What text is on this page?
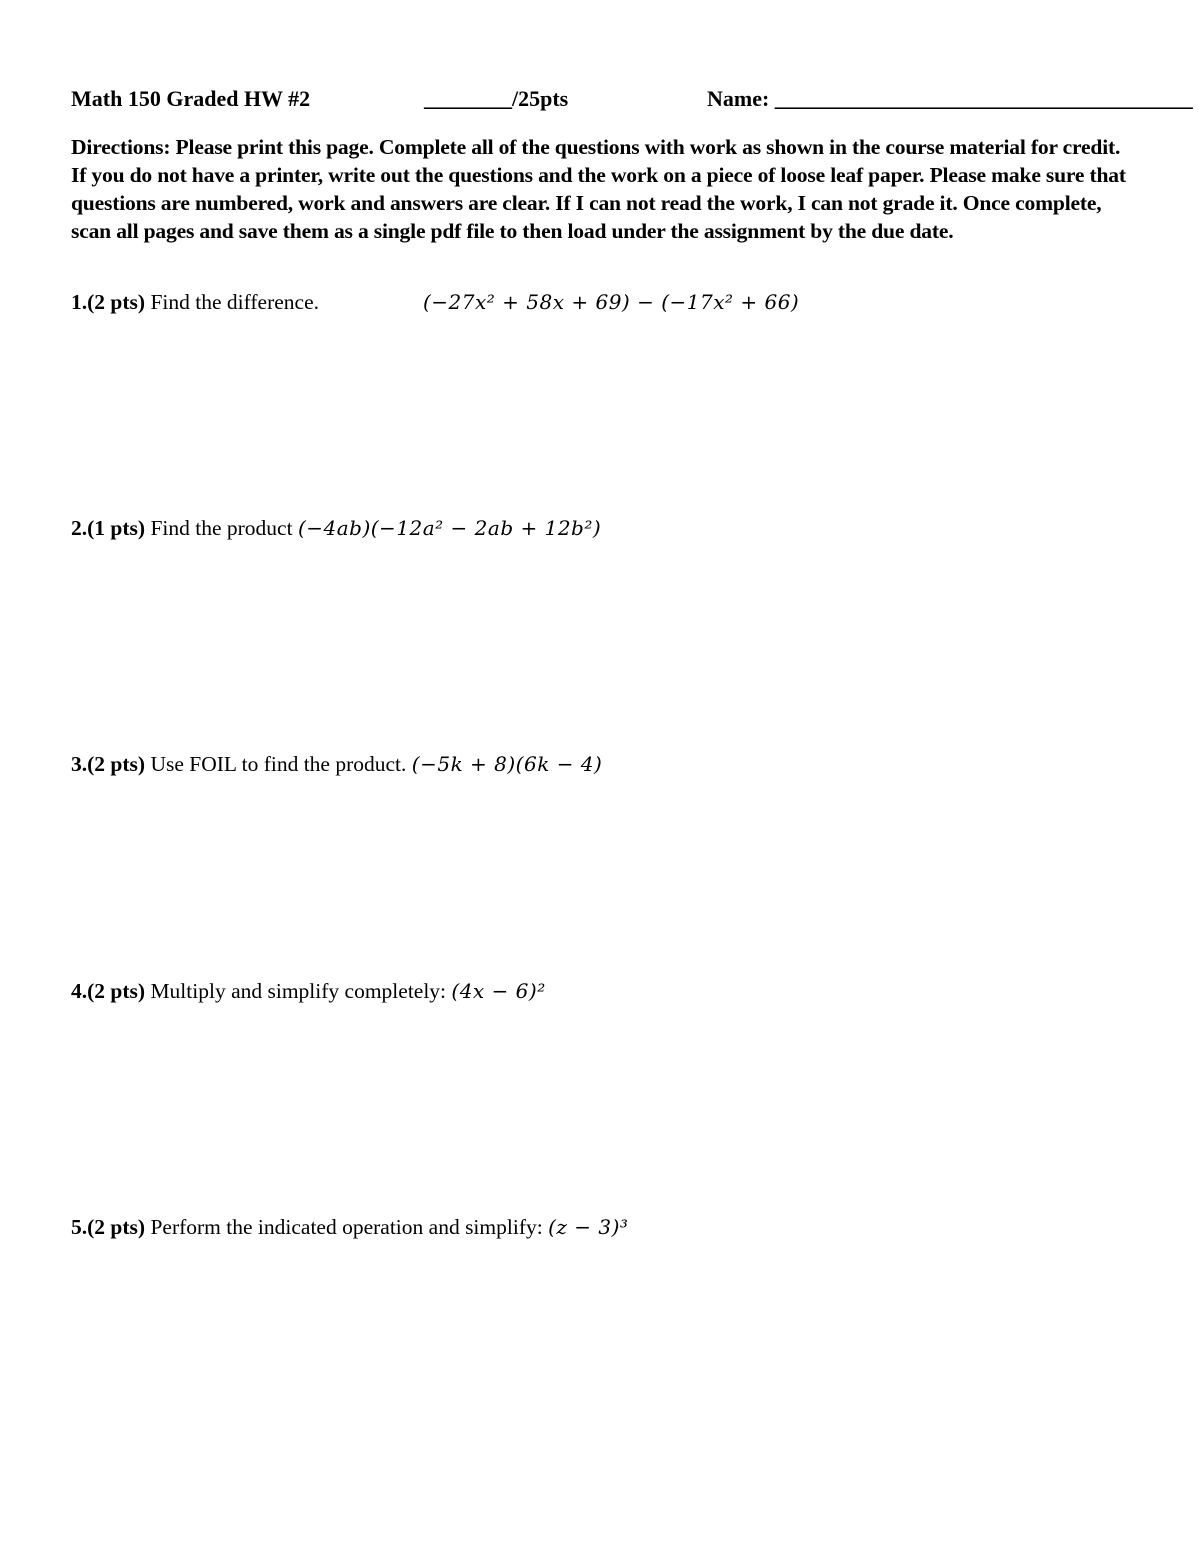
Math 150 Graded HW #2	________/25pts	Name: ______________________________________
Directions: Please print this page. Complete all of the questions with work as shown in the course material for credit. If you do not have a printer, write out the questions and the work on a piece of loose leaf paper. Please make sure that questions are numbered, work and answers are clear. If I can not read the work, I can not grade it. Once complete, scan all pages and save them as a single pdf file to then load under the assignment by the due date.
1.(2 pts) Find the difference.	(−27x² + 58x + 69) − (−17x² + 66)
2.(1 pts) Find the product (−4ab)(−12a² − 2ab + 12b²)
3.(2 pts) Use FOIL to find the product. (−5k + 8)(6k − 4)
4.(2 pts) Multiply and simplify completely: (4x − 6)²
5.(2 pts) Perform the indicated operation and simplify: (z − 3)³
